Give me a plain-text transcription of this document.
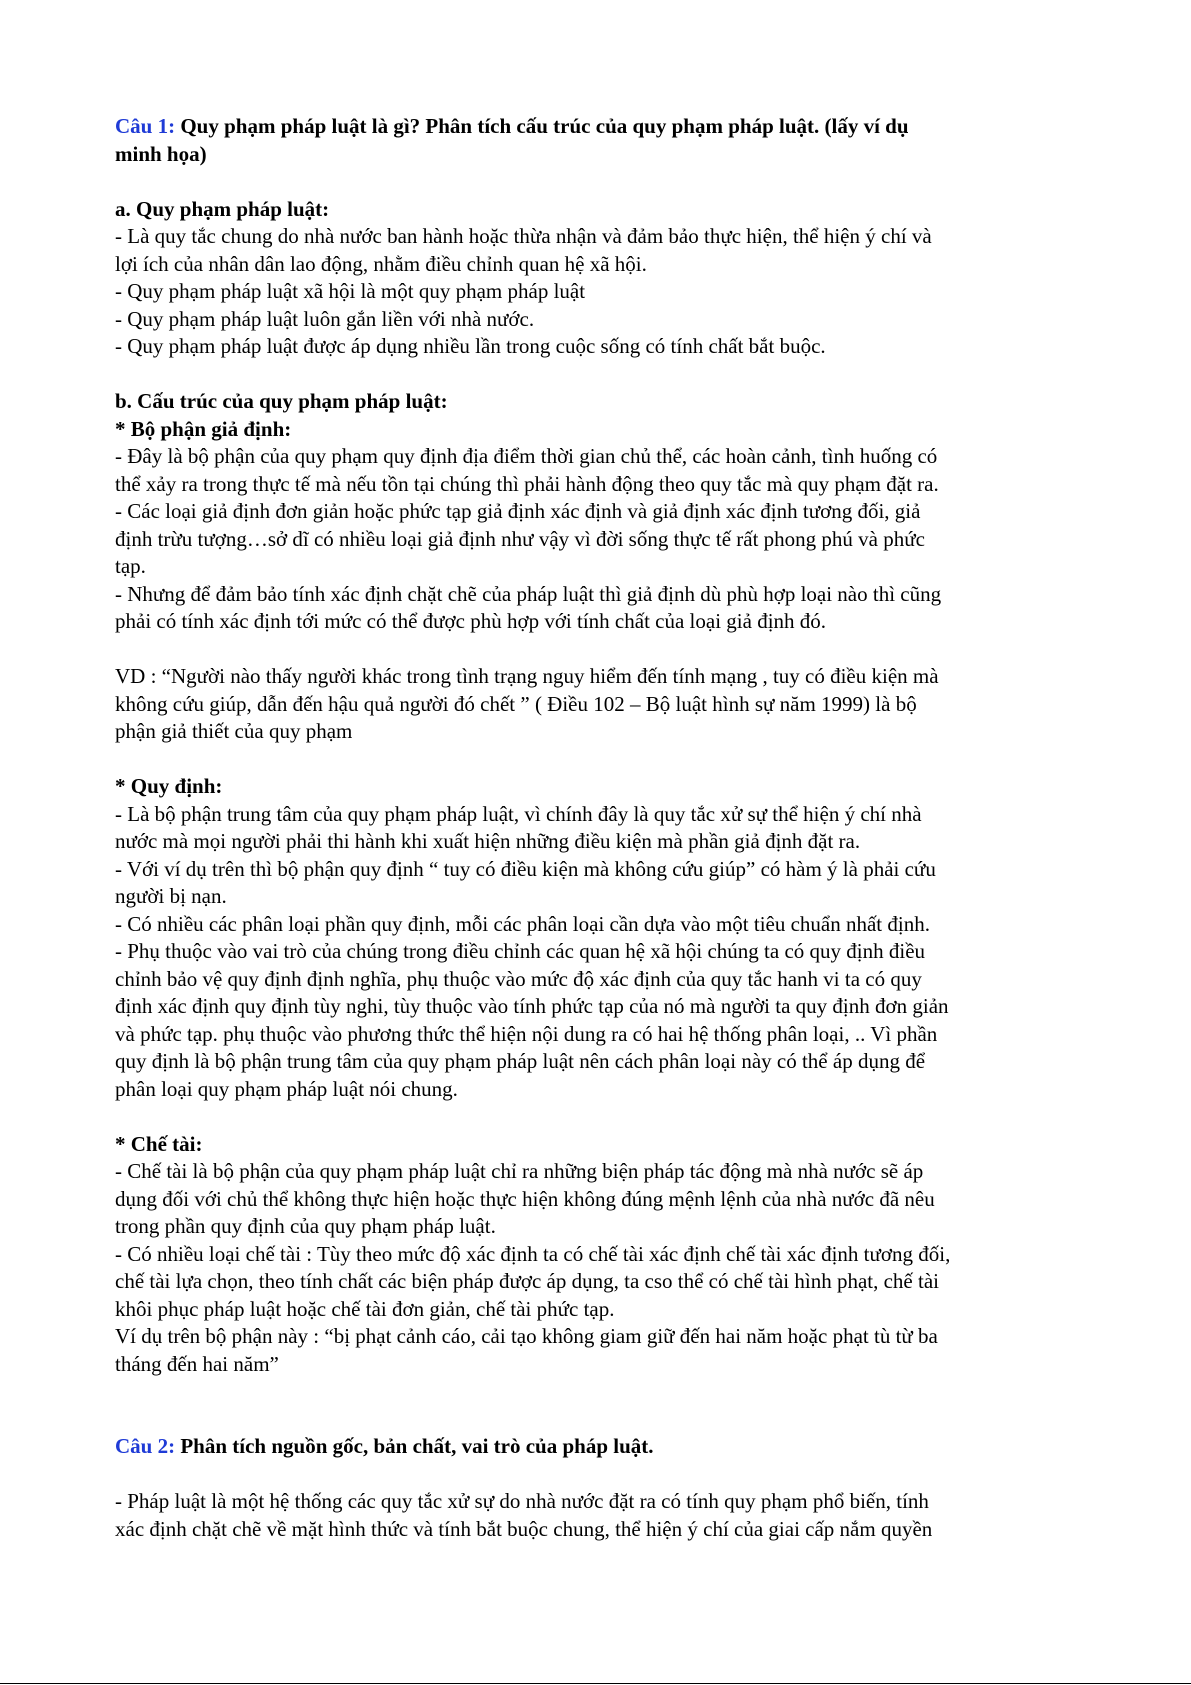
Câu 1: Quy phạm pháp luật là gì? Phân tích cấu trúc của quy phạm pháp luật. (lấy ví dụ

minh họa)

a. Quy phạm pháp luật:

- Là quy tắc chung do nhà nước ban hành hoặc thừa nhận và đảm bảo thực hiện, thể hiện ý chí và

lợi ích của nhân dân lao động, nhằm điều chỉnh quan hệ xã hội.

- Quy phạm pháp luật xã hội là một quy phạm pháp luật

- Quy phạm pháp luật luôn gắn liền với nhà nước.

- Quy phạm pháp luật được áp dụng nhiều lần trong cuộc sống có tính chất bắt buộc.

b. Cấu trúc của quy phạm pháp luật:

* Bộ phận giả định:

- Đây là bộ phận của quy phạm quy định địa điểm thời gian chủ thể, các hoàn cảnh, tình huống có

thể xảy ra trong thực tế mà nếu tồn tại chúng thì phải hành động theo quy tắc mà quy phạm đặt ra.

- Các loại giả định đơn giản hoặc phức tạp giả định xác định và giả định xác định tương đối, giả

định trừu tượng…sở dĩ có nhiều loại giả định như vậy vì đời sống thực tế rất phong phú và phức

tạp.

- Nhưng để đảm bảo tính xác định chặt chẽ của pháp luật thì giả định dù phù hợp loại nào thì cũng

phải có tính xác định tới mức có thể được phù hợp với tính chất của loại giả định đó.

VD : “Người nào thấy người khác trong tình trạng nguy hiểm đến tính mạng , tuy có điều kiện mà

không cứu giúp, dẫn đến hậu quả người đó chết ” ( Điều 102 – Bộ luật hình sự năm 1999) là bộ

phận giả thiết của quy phạm

* Quy định:

- Là bộ phận trung tâm của quy phạm pháp luật, vì chính đây là quy tắc xử sự thể hiện ý chí nhà

nước mà mọi người phải thi hành khi xuất hiện những điều kiện mà phần giả định đặt ra.

- Với ví dụ trên thì bộ phận quy định “ tuy có điều kiện mà không cứu giúp” có hàm ý là phải cứu

người bị nạn.

- Có nhiều các phân loại phần quy định, mỗi các phân loại cần dựa vào một tiêu chuẩn nhất định.

- Phụ thuộc vào vai trò của chúng trong điều chỉnh các quan hệ xã hội chúng ta có quy định điều

chỉnh bảo vệ quy định định nghĩa, phụ thuộc vào mức độ xác định của quy tắc hanh vi ta có quy

định xác định quy định tùy nghi, tùy thuộc vào tính phức tạp của nó mà người ta quy định đơn giản

và phức tạp. phụ thuộc vào phương thức thể hiện nội dung ra có hai hệ thống phân loại, .. Vì phần

quy định là bộ phận trung tâm của quy phạm pháp luật nên cách phân loại này có thể áp dụng để

phân loại quy phạm pháp luật nói chung.

* Chế tài:

- Chế tài là bộ phận của quy phạm pháp luật chỉ ra những biện pháp tác động mà nhà nước sẽ áp

dụng đối với chủ thể không thực hiện hoặc thực hiện không đúng mệnh lệnh của nhà nước đã nêu

trong phần quy định của quy phạm pháp luật.

- Có nhiều loại chế tài : Tùy theo mức độ xác định ta có chế tài xác định chế tài xác định tương đối,

chế tài lựa chọn, theo tính chất các biện pháp được áp dụng, ta cso thể có chế tài hình phạt, chế tài

khôi phục pháp luật hoặc chế tài đơn giản, chế tài phức tạp.

Ví dụ trên bộ phận này : “bị phạt cảnh cáo, cải tạo không giam giữ đến hai năm hoặc phạt tù từ ba

tháng đến hai năm”

Câu 2: Phân tích nguồn gốc, bản chất, vai trò của pháp luật.

- Pháp luật là một hệ thống các quy tắc xử sự do nhà nước đặt ra có tính quy phạm phổ biến, tính

xác định chặt chẽ về mặt hình thức và tính bắt buộc chung, thể hiện ý chí của giai cấp nắm quyền
